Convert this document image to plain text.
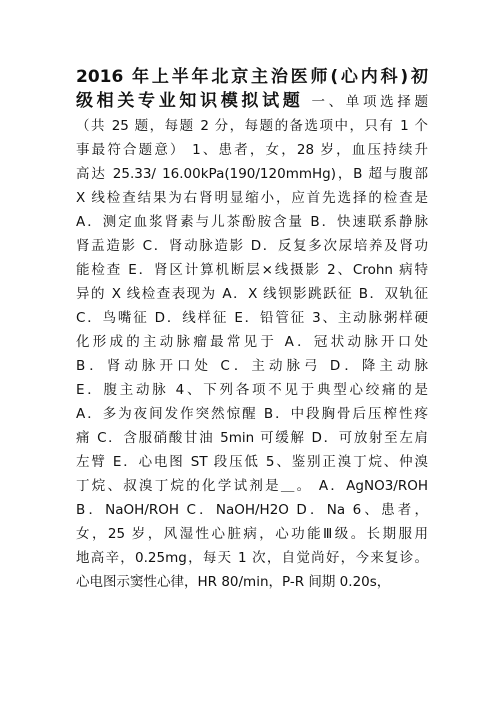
2016 年上半年北京主治医师(心内科)初
级相关专业知识模拟试题 一、单项选择题
（共 25 题，每题 2 分，每题的备选项中，只有 1 个
事最符合题意） 1、患者，女，28 岁，血压持续升
高达 25.33/ 16.00kPa(190/120mmHg)，B 超与腹部
X 线检查结果为右肾明显缩小，应首先选择的检查是
A．测定血浆肾素与儿茶酚胺含量 B．快速联系静脉
肾盂造影 C．肾动脉造影 D．反复多次尿培养及肾功
能检查 E．肾区计算机断层×线摄影 2、Crohn 病特
异的 X 线检查表现为 A．X 线钡影跳跃征 B．双轨征
C．鸟嘴征 D．线样征 E．铅管征 3、主动脉粥样硬
化形成的主动脉瘤最常见于 A．冠状动脉开口处
B．肾动脉开口处 C．主动脉弓 D．降主动脉
E．腹主动脉 4、下列各项不见于典型心绞痛的是
A．多为夜间发作突然惊醒 B．中段胸骨后压榨性疼
痛 C．含服硝酸甘油 5min 可缓解 D．可放射至左肩
左臂 E．心电图 ST 段压低 5、鉴别正溴丁烷、仲溴
丁烷、叔溴丁烷的化学试剂是＿。 A．AgNO3/ROH
B．NaOH/ROH C．NaOH/H2O D．Na 6、患者，
女，25 岁，风湿性心脏病，心功能Ⅲ级。长期服用
地高辛，0.25mg，每天 1 次，自觉尚好，今来复诊。
心电图示窦性心律，HR 80/min，P-R 间期 0.20s，
